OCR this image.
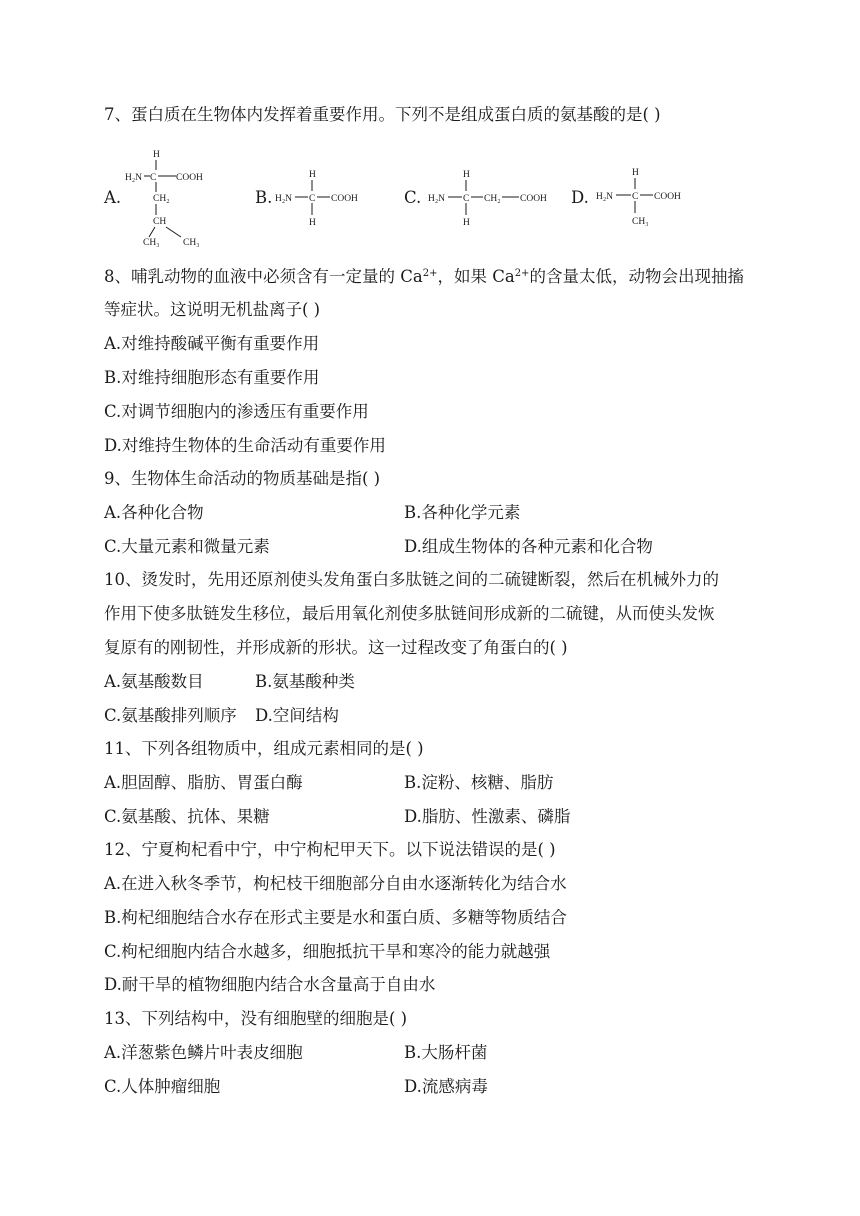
7、蛋白质在生物体内发挥着重要作用。下列不是组成蛋白质的氨基酸的是( )
A.
H
H₂N	COOH
C
CH₂
CH
CH₃ CH₃
B.
H
H₂N C COOH
H
C.
H
H₂N C CH₂ COOH
H
D.
H
H₂N C COOH
CH₃
8、哺乳动物的血液中必须含有一定量的 $Ca^{2+}$，如果 $Ca^{2+}$的含量太低，动物会出现抽搐
等症状。这说明无机盐离子( )
A.对维持酸碱平衡有重要作用
B.对维持细胞形态有重要作用
C.对调节细胞内的渗透压有重要作用
D.对维持生物体的生命活动有重要作用
9、生物体生命活动的物质基础是指( )
A.各种化合物	B.各种化学元素
C.大量元素和微量元素	D.组成生物体的各种元素和化合物
10、烫发时，先用还原剂使头发角蛋白多肽链之间的二硫键断裂，然后在机械外力的
作用下使多肽链发生移位，最后用氧化剂使多肽链间形成新的二硫键，从而使头发恢
复原有的刚韧性，并形成新的形状。这一过程改变了角蛋白的( )
A.氨基酸数目	B.氨基酸种类
C.氨基酸排列顺序 D.空间结构
11、下列各组物质中，组成元素相同的是( )
A.胆固醇、脂肪、胃蛋白酶	B.淀粉、核糖、脂肪
C.氨基酸、抗体、果糖	D.脂肪、性激素、磷脂
12、宁夏枸杞看中宁，中宁枸杞甲天下。以下说法错误的是( )
A.在进入秋冬季节，枸杞枝干细胞部分自由水逐渐转化为结合水
B.枸杞细胞结合水存在形式主要是水和蛋白质、多糖等物质结合
C.枸杞细胞内结合水越多，细胞抵抗干旱和寒冷的能力就越强
D.耐干旱的植物细胞内结合水含量高于自由水
13、下列结构中，没有细胞壁的细胞是( )
A.洋葱紫色鳞片叶表皮细胞	B.大肠杆菌
C.人体肿瘤细胞	D.流感病毒
